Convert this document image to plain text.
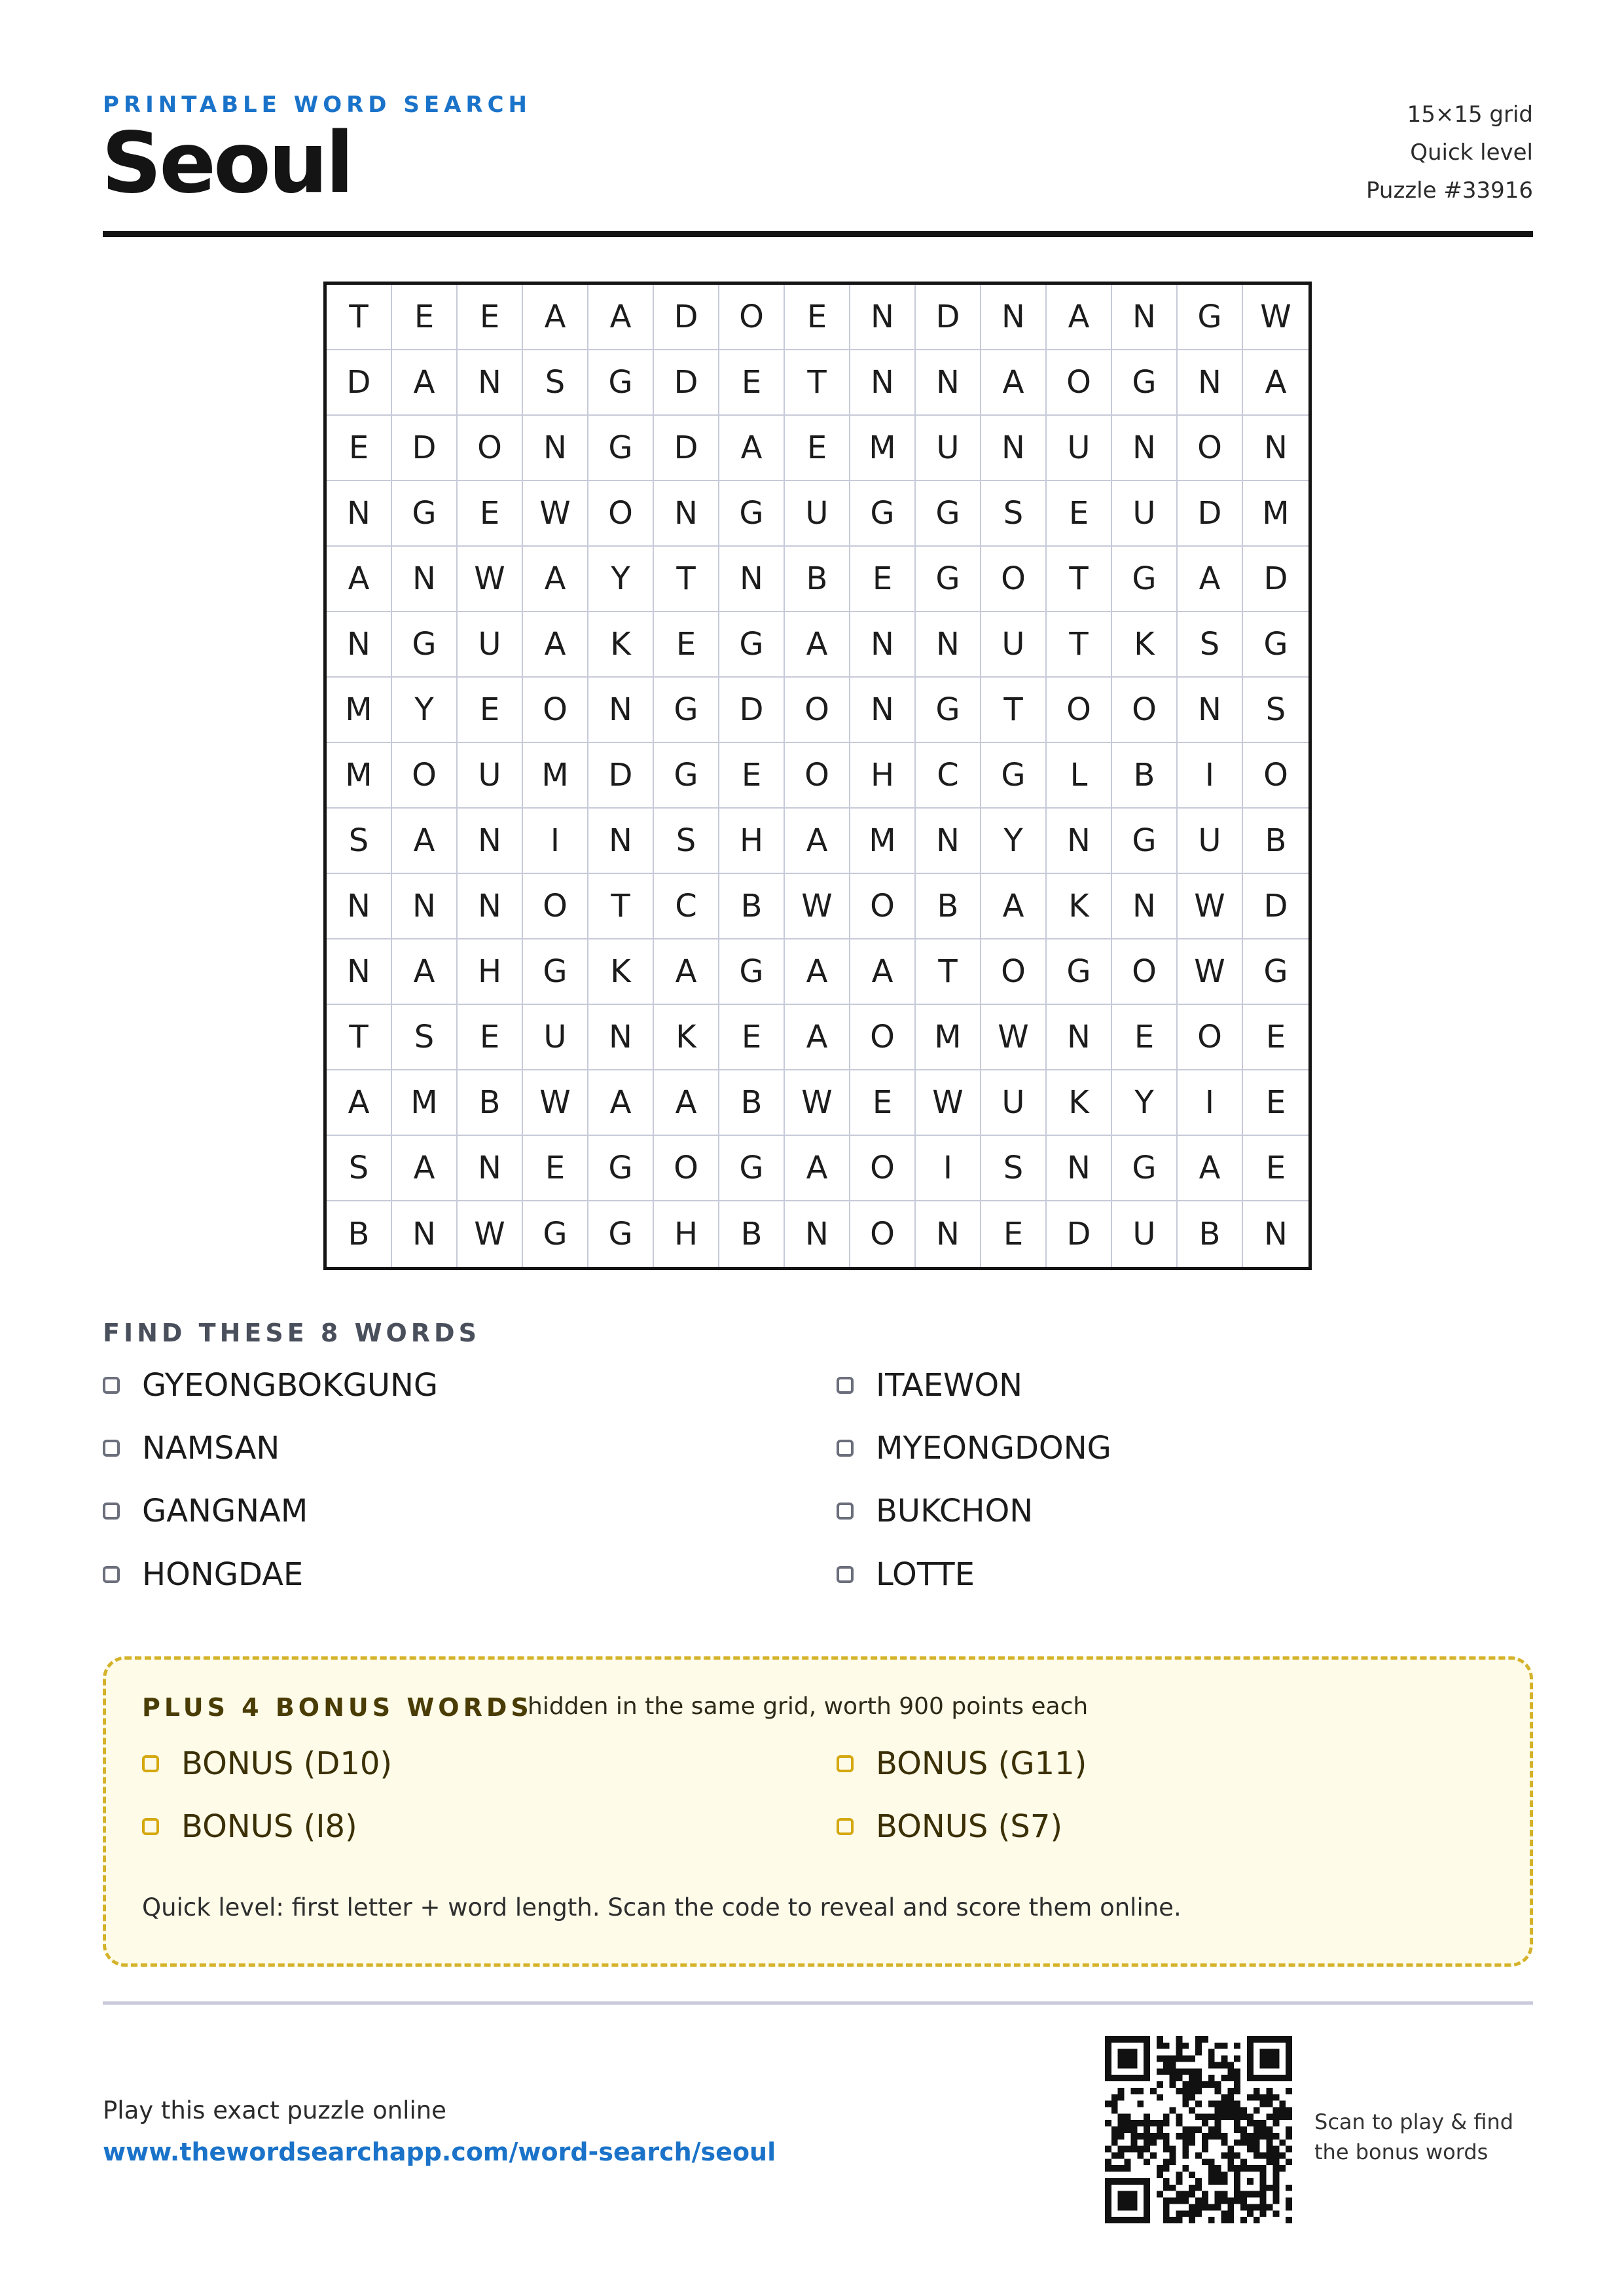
PRINTABLE WORD SEARCH
Seoul	15×15 grid
Quick level
Puzzle #33916
T	E	E	A	A	D	O	E	N	D	N	A	N	G	W
D	A	N	S	G	D	E	T	N	N	A	O	G	N	A
E	D	O	N	G	D	A	E	M	U	N	U	N	O	N
N	G	E	W	O	N	G	U	G	G	S	E	U	D	M
A	N	W	A	Y	T	N	B	E	G	O	T	G	A	D
N	G	U	A	K	E	G	A	N	N	U	T	K	S	G
M	Y	E	O	N	G	D	O	N	G	T	O	O	N	S
M	O	U	M	D	G	E	O	H	C	G	L	B	I	O
S	A	N	I	N	S	H	A	M	N	Y	N	G	U	B
N	N	N	O	T	C	B	W	O	B	A	K	N	W	D
N	A	H	G	K	A	G	A	A	T	O	G	O	W	G
T	S	E	U	N	K	E	A	O	M	W	N	E	O	E
A	M	B	W	A	A	B	W	E	W	U	K	Y	I	E
S	A	N	E	G	O	G	A	O	I	S	N	G	A	E
B	N	W	G	G	H	B	N	O	N	E	D	U	B	N
FIND THESE 8 WORDS
GYEONGBOKGUNG	ITAEWON
NAMSAN	MYEONGDONG
GANGNAM	BUKCHON
HONGDAE	LOTTE
PLUS 4 BONUS WORDS
hidden in the same grid, worth 900 points each
BONUS (D10)	BONUS (G11)
BONUS (I8)	BONUS (S7)
Quick level: first letter + word length. Scan the code to reveal and score them online.
Play this exact puzzle online
www.thewordsearchapp.com/word-search/seoul
Scan to play & find
the bonus words
